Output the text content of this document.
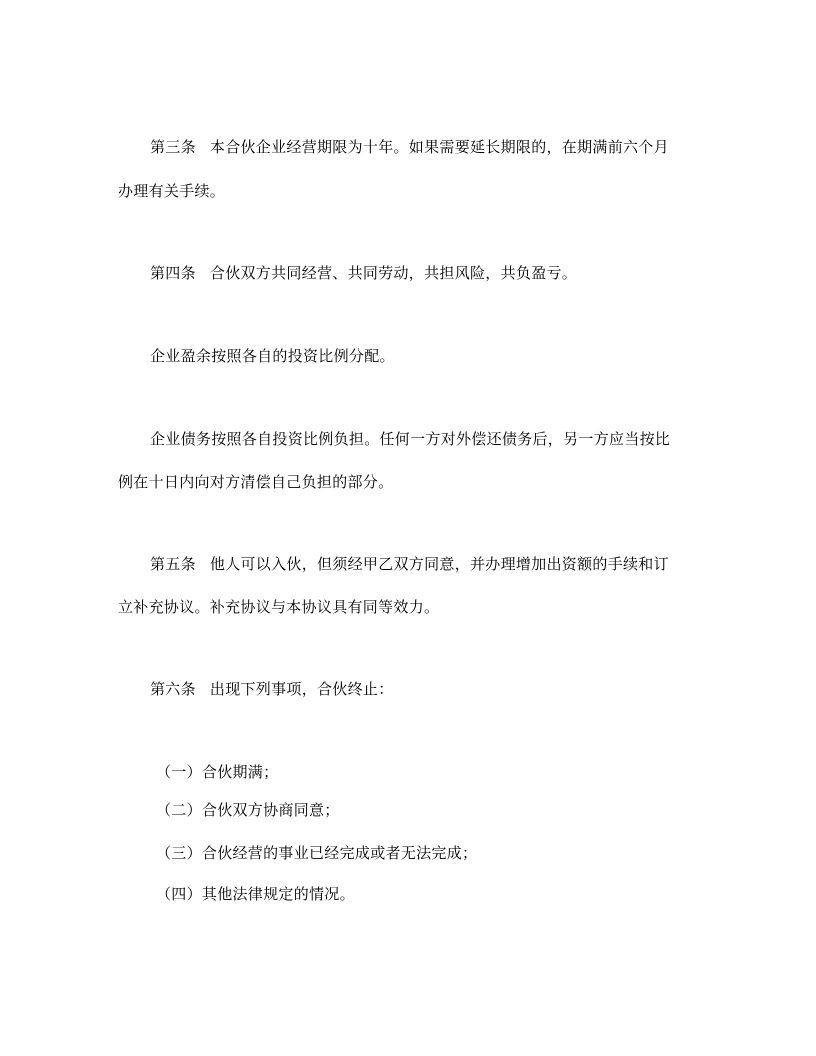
第三条 本合伙企业经营期限为十年。如果需要延长期限的，在期满前六个月
办理有关手续。
第四条 合伙双方共同经营、共同劳动，共担风险，共负盈亏。
企业盈余按照各自的投资比例分配。
企业债务按照各自投资比例负担。任何一方对外偿还债务后，另一方应当按比
例在十日内向对方清偿自己负担的部分。
第五条 他人可以入伙，但须经甲乙双方同意，并办理增加出资额的手续和订
立补充协议。补充协议与本协议具有同等效力。
第六条 出现下列事项，合伙终止：
（一）合伙期满；
（二）合伙双方协商同意；
（三）合伙经营的事业已经完成或者无法完成；
（四）其他法律规定的情况。
